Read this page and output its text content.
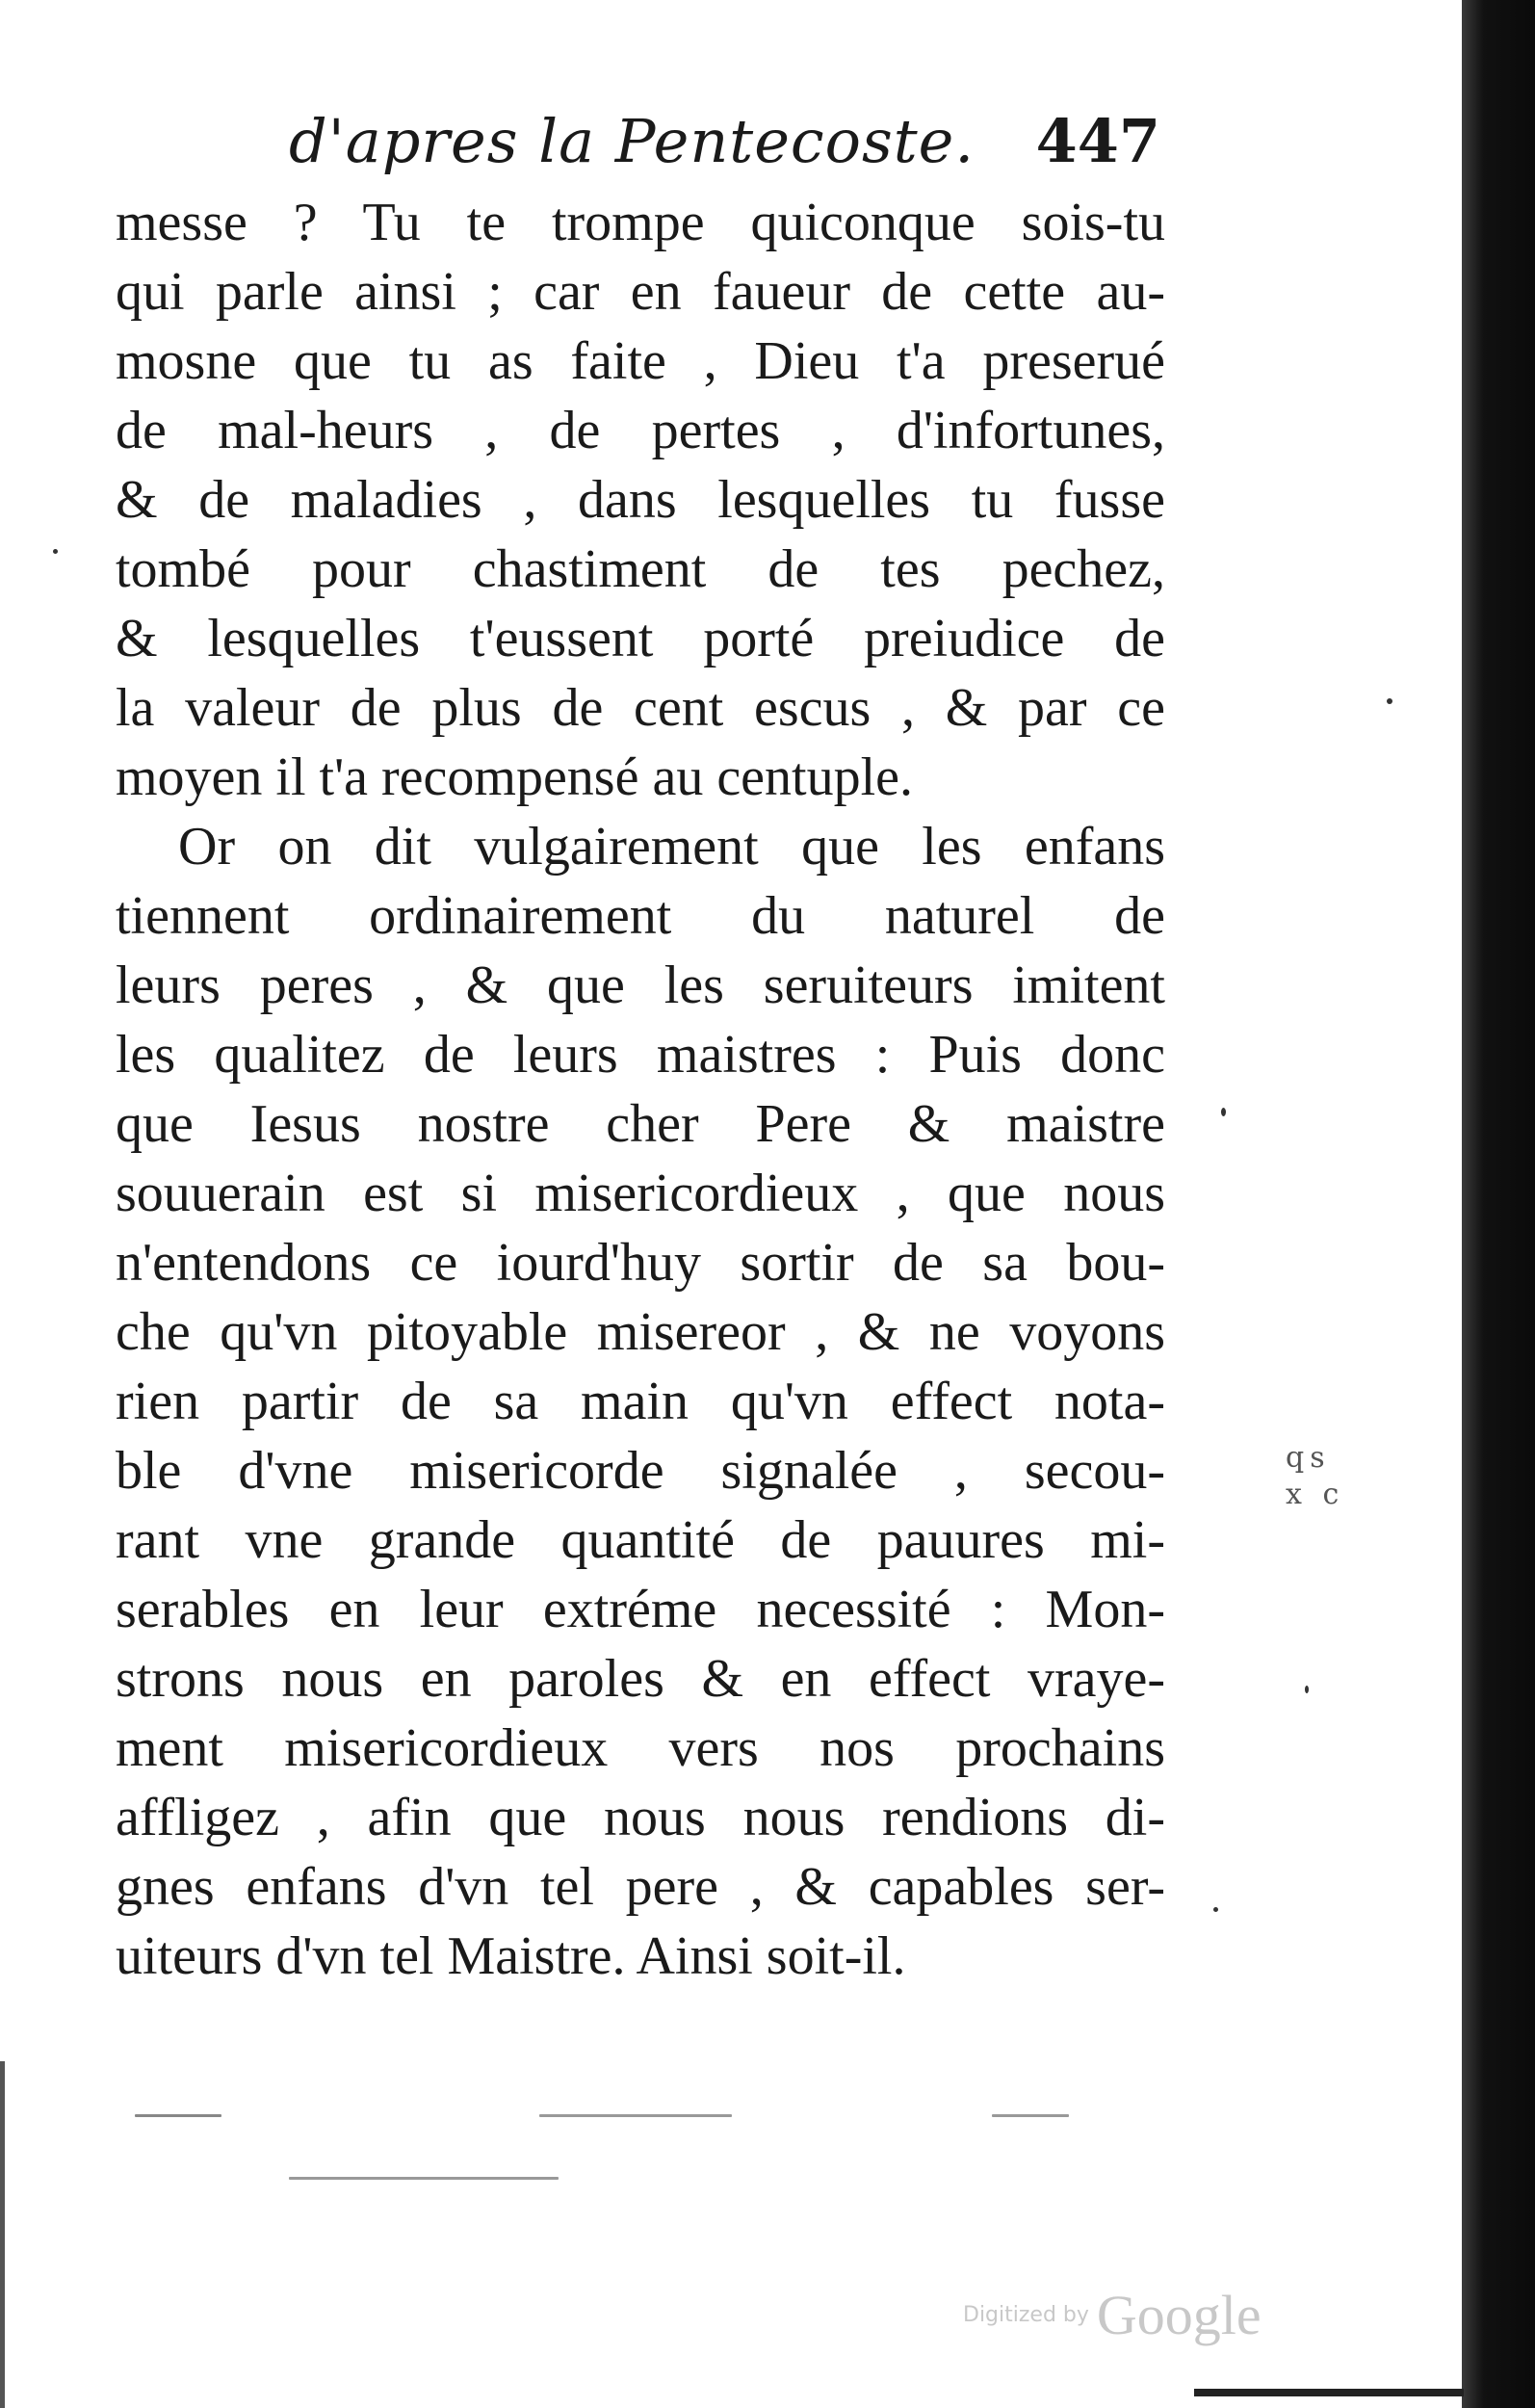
d'apres la Pentecoste. 447
messe ? Tu te trompe quiconque sois-tu
qui parle ainsi ; car en faueur de cette au-
mosne que tu as faite , Dieu t'a preserué
de mal-heurs , de pertes , d'infortunes,
& de maladies , dans lesquelles tu fusse
tombé pour chastiment de tes pechez,
& lesquelles t'eussent porté preiudice de
la valeur de plus de cent escus , & par ce
moyen il t'a recompensé au centuple.
Or on dit vulgairement que les enfans
tiennent ordinairement du naturel de
leurs peres , & que les seruiteurs imitent
les qualitez de leurs maistres : Puis donc
que Iesus nostre cher Pere & maistre
souuerain est si misericordieux , que nous
n'entendons ce iourd'huy sortir de sa bou-
che qu'vn pitoyable misereor , & ne voyons
rien partir de sa main qu'vn effect nota-
ble d'vne misericorde signalée , secou-
rant vne grande quantité de pauures mi-
serables en leur extréme necessité : Mon-
strons nous en paroles & en effect vraye-
ment misericordieux vers nos prochains
affligez , afin que nous nous rendions di-
gnes enfans d'vn tel pere , & capables ser-
uiteurs d'vn tel Maistre. Ainsi soit-il.
qs
x c
Digitized by Google
